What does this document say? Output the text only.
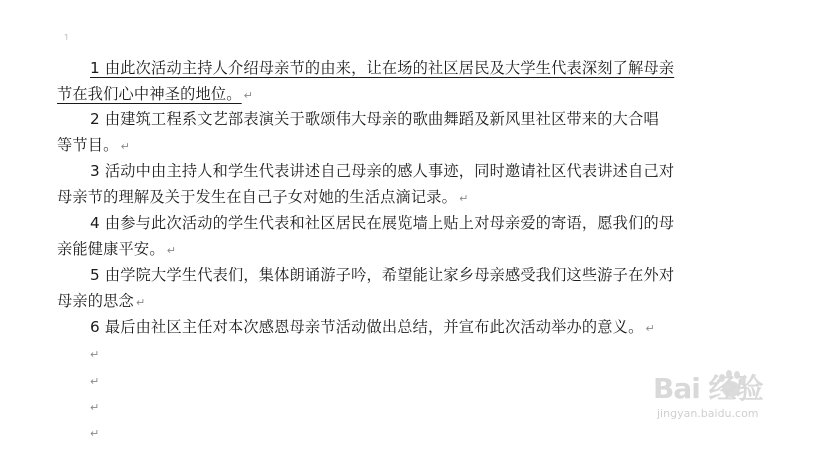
˥
1 由此次活动主持人介绍母亲节的由来，让在场的社区居民及大学生代表深刻了解母亲
节在我们心中神圣的地位。 ↵
2 由建筑工程系文艺部表演关于歌颂伟大母亲的歌曲舞蹈及新风里社区带来的大合唱
等节目。 ↵
3 活动中由主持人和学生代表讲述自己母亲的感人事迹，同时邀请社区代表讲述自己对
母亲节的理解及关于发生在自己子女对她的生活点滴记录。 ↵
4 由参与此次活动的学生代表和社区居民在展览墙上贴上对母亲爱的寄语，愿我们的母
亲能健康平安。 ↵
5 由学院大学生代表们，集体朗诵游子吟，希望能让家乡母亲感受我们这些游子在外对
母亲的思念 ↵
6 最后由社区主任对本次感恩母亲节活动做出总结，并宣布此次活动举办的意义。 ↵
↵
↵
↵
↵
Bai 经验
jingyan.baidu.com
